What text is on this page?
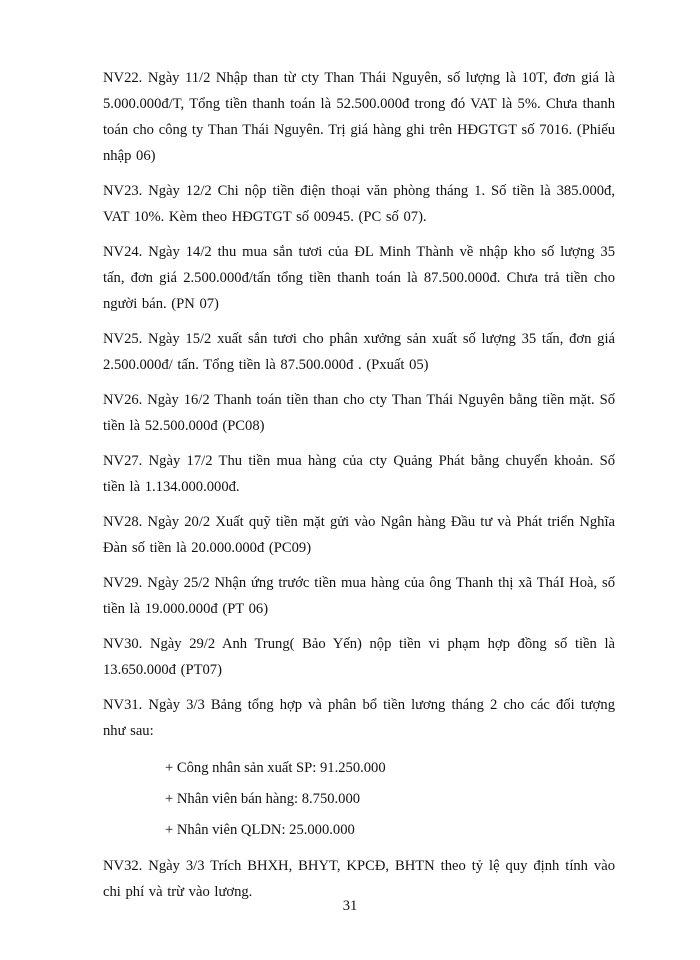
NV22. Ngày 11/2 Nhập than từ cty Than Thái Nguyên, số lượng là 10T, đơn giá là 5.000.000đ/T, Tổng tiền thanh toán là 52.500.000đ trong đó VAT là 5%. Chưa thanh toán cho công ty Than Thái Nguyên. Trị giá hàng ghi trên HĐGTGT số 7016. (Phiếu nhập 06)

NV23. Ngày 12/2 Chi nộp tiền điện thoại văn phòng tháng 1. Số tiền là 385.000đ, VAT 10%. Kèm theo HĐGTGT số 00945. (PC số 07).

NV24. Ngày 14/2 thu mua sắn tươi của ĐL Minh Thành về nhập kho số lượng 35 tấn, đơn giá 2.500.000đ/tấn tổng tiền thanh toán là 87.500.000đ. Chưa trả tiền cho người bán. (PN 07)

NV25. Ngày 15/2 xuất sắn tươi cho phân xưởng sản xuất số lượng 35 tấn, đơn giá 2.500.000đ/ tấn. Tổng tiền là 87.500.000đ . (Pxuất 05)

NV26. Ngày 16/2 Thanh toán tiền than cho cty Than Thái Nguyên bằng tiền mặt. Số tiền là 52.500.000đ (PC08)

NV27. Ngày 17/2 Thu tiền mua hàng của cty Quảng Phát bằng chuyển khoản. Số tiền là 1.134.000.000đ.

NV28. Ngày 20/2 Xuất quỹ tiền mặt gửi vào Ngân hàng Đầu tư và Phát triển Nghĩa Đàn số tiền là 20.000.000đ (PC09)

NV29. Ngày 25/2 Nhận ứng trước tiền mua hàng của ông Thanh thị xã TháI Hoà, số tiền là 19.000.000đ (PT 06)

NV30. Ngày 29/2 Anh Trung( Bảo Yến) nộp tiền vi phạm hợp đồng số tiền là 13.650.000đ (PT07)

NV31. Ngày 3/3 Bảng tổng hợp và phân bổ tiền lương tháng 2 cho các đối tượng như sau:

+ Công nhân sản xuất SP: 91.250.000
+ Nhân viên bán hàng: 8.750.000
+ Nhân viên QLDN: 25.000.000

NV32. Ngày 3/3 Trích BHXH, BHYT, KPCĐ, BHTN theo tỷ lệ quy định tính vào chi phí và trừ vào lương.

31
